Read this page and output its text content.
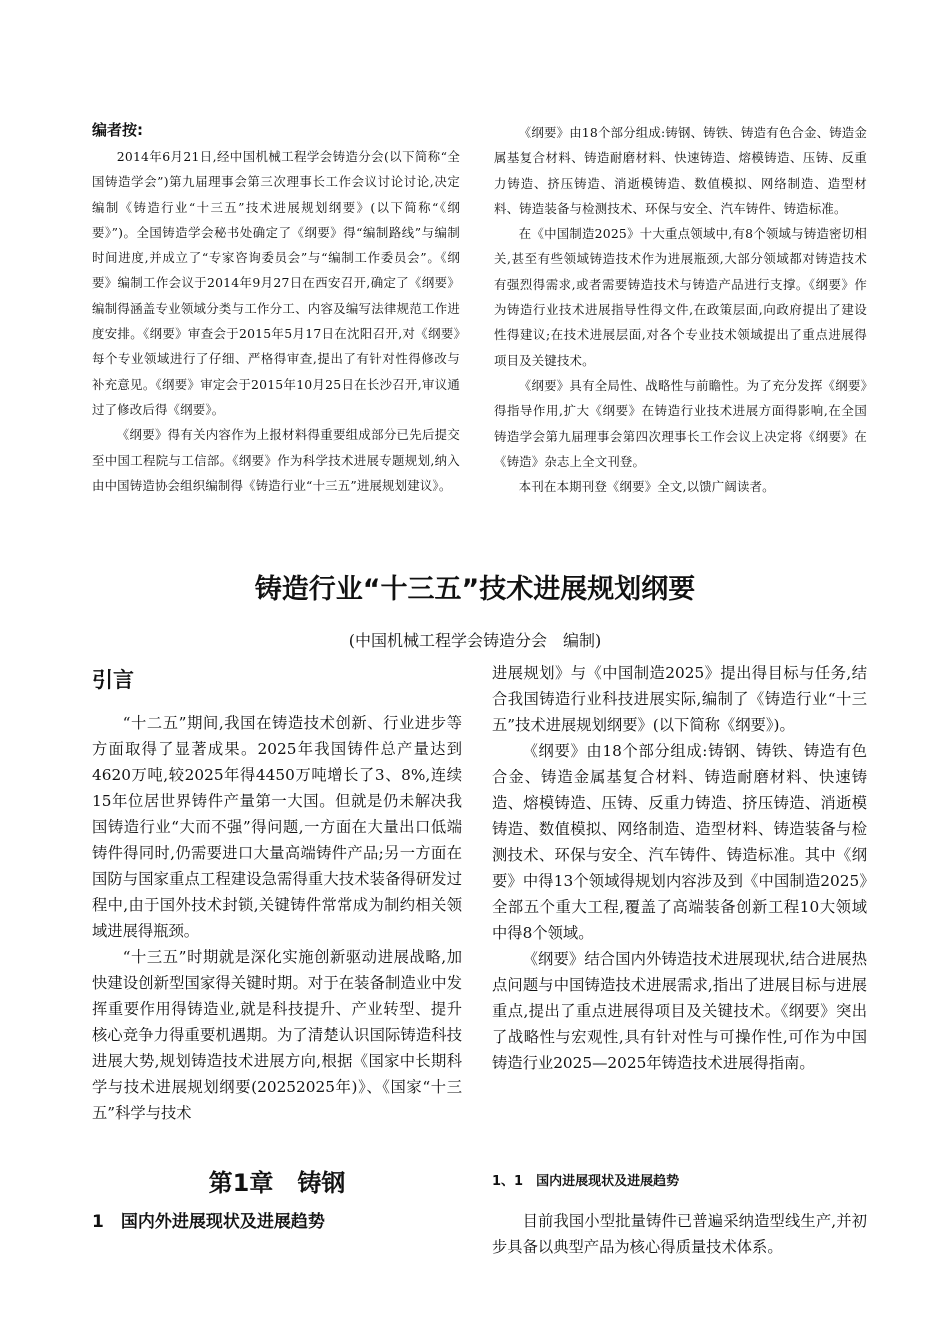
编者按:

2014年6月21日,经中国机械工程学会铸造分会(以下简称“全国铸造学会”)第九届理事会第三次理事长工作会议讨论讨论,决定编制《铸造行业“十三五”技术进展规划纲要》(以下简称“《纲要》”)。全国铸造学会秘书处确定了《纲要》得“编制路线”与编制时间进度,并成立了“专家咨询委员会”与“编制工作委员会”。《纲要》编制工作会议于2014年9月27日在西安召开,确定了《纲要》编制得涵盖专业领域分类与工作分工、内容及编写法律规范工作进度安排。《纲要》审查会于2015年5月17日在沈阳召开,对《纲要》每个专业领域进行了仔细、严格得审查,提出了有针对性得修改与补充意见。《纲要》审定会于2015年10月25日在长沙召开,审议通过了修改后得《纲要》。

《纲要》得有关内容作为上报材料得重要组成部分已先后提交至中国工程院与工信部。《纲要》作为科学技术进展专题规划,纳入由中国铸造协会组织编制得《铸造行业“十三五”进展规划建议》。

《纲要》由18个部分组成:铸钢、铸铁、铸造有色合金、铸造金属基复合材料、铸造耐磨材料、快速铸造、熔模铸造、压铸、反重力铸造、挤压铸造、消逝模铸造、数值模拟、网络制造、造型材料、铸造装备与检测技术、环保与安全、汽车铸件、铸造标准。

在《中国制造2025》十大重点领域中,有8个领域与铸造密切相关,甚至有些领域铸造技术作为进展瓶颈,大部分领域都对铸造技术有强烈得需求,或者需要铸造技术与铸造产品进行支撑。《纲要》作为铸造行业技术进展指导性得文件,在政策层面,向政府提出了建设性得建议;在技术进展层面,对各个专业技术领域提出了重点进展得项目及关键技术。

《纲要》具有全局性、战略性与前瞻性。为了充分发挥《纲要》得指导作用,扩大《纲要》在铸造行业技术进展方面得影响,在全国铸造学会第九届理事会第四次理事长工作会议上决定将《纲要》在《铸造》杂志上全文刊登。

本刊在本期刊登《纲要》全文,以馈广阔读者。

铸造行业“十三五”技术进展规划纲要

(中国机械工程学会铸造分会　编制)

引言

“十二五”期间,我国在铸造技术创新、行业进步等方面取得了显著成果。2025年我国铸件总产量达到4620万吨,较2025年得4450万吨增长了3、8%,连续15年位居世界铸件产量第一大国。但就是仍未解决我国铸造行业“大而不强”得问题,一方面在大量出口低端铸件得同时,仍需要进口大量高端铸件产品;另一方面在国防与国家重点工程建设急需得重大技术装备得研发过程中,由于国外技术封锁,关键铸件常常成为制约相关领域进展得瓶颈。

“十三五”时期就是深化实施创新驱动进展战略,加快建设创新型国家得关键时期。对于在装备制造业中发挥重要作用得铸造业,就是科技提升、产业转型、提升核心竞争力得重要机遇期。为了清楚认识国际铸造科技进展大势,规划铸造技术进展方向,根据《国家中长期科学与技术进展规划纲要(20252025年)》、《国家“十三五”科学与技术

进展规划》与《中国制造2025》提出得目标与任务,结合我国铸造行业科技进展实际,编制了《铸造行业“十三五”技术进展规划纲要》(以下简称《纲要》)。

《纲要》由18个部分组成:铸钢、铸铁、铸造有色合金、铸造金属基复合材料、铸造耐磨材料、快速铸造、熔模铸造、压铸、反重力铸造、挤压铸造、消逝模铸造、数值模拟、网络制造、造型材料、铸造装备与检测技术、环保与安全、汽车铸件、铸造标准。其中《纲要》中得13个领域得规划内容涉及到《中国制造2025》全部五个重大工程,覆盖了高端装备创新工程10大领域中得8个领域。

《纲要》结合国内外铸造技术进展现状,结合进展热点问题与中国铸造技术进展需求,指出了进展目标与进展重点,提出了重点进展得项目及关键技术。《纲要》突出了战略性与宏观性,具有针对性与可操作性,可作为中国铸造行业2025—2025年铸造技术进展得指南。

第1章　铸钢
1　国内外进展现状及进展趋势
1、1　国内进展现状及进展趋势

目前我国小型批量铸件已普遍采纳造型线生产,并初步具备以典型产品为核心得质量技术体系。
